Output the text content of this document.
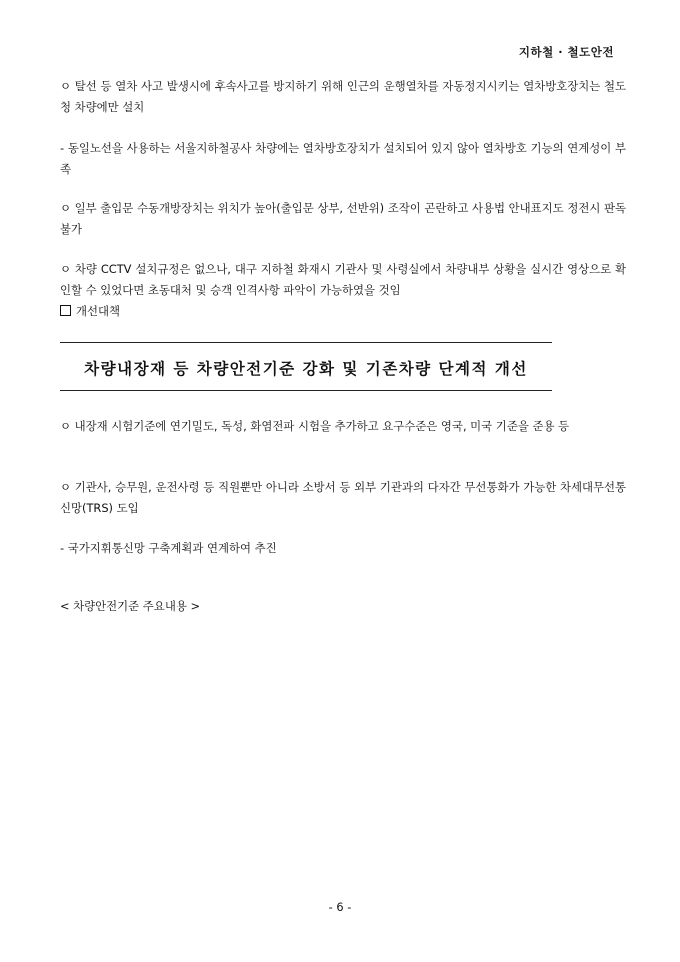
지하철 · 철도안전
ㅇ 탈선 등 열차 사고 발생시에 후속사고를 방지하기 위해 인근의 운행열차를 자동정지시키는 열차방호장치는 철도청 차량에만 설치
- 동일노선을 사용하는 서울지하철공사 차량에는 열차방호장치가 설치되어 있지 않아 열차방호 기능의 연계성이 부족
ㅇ 일부 출입문 수동개방장치는 위치가 높아(출입문 상부, 선반위) 조작이 곤란하고 사용법 안내표지도 정전시 판독 불가
ㅇ 차량 CCTV 설치규정은 없으나, 대구 지하철 화재시 기관사 및 사령실에서 차량내부 상황을 실시간 영상으로 확인할 수 있었다면 초동대처 및 승객 인격사항 파악이 가능하였을 것임
개선대책
차량내장재 등 차량안전기준 강화 및 기존차량 단계적 개선
ㅇ 내장재 시험기준에 연기밀도, 독성, 화염전파 시험을 추가하고 요구수준은 영국, 미국 기준을 준용 등
ㅇ 기관사, 승무원, 운전사령 등 직원뿐만 아니라 소방서 등 외부 기관과의 다자간 무선통화가 가능한 차세대무선통신망(TRS) 도입
- 국가지휘통신망 구축계획과 연계하여 추진
< 차량안전기준 주요내용 >
- 6 -
